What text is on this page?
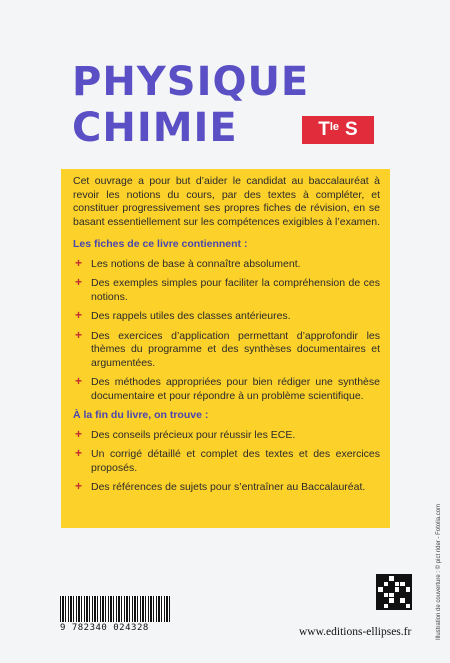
PHYSIQUE
CHIMIE	$T^{le}$ S

Cet ouvrage a pour but d’aider le candidat au baccalauréat à revoir les notions du cours, par des textes à compléter, et constituer progressivement ses propres fiches de révision, en se basant essentiellement sur les compétences exigibles à l’examen.

Les fiches de ce livre contiennent :
+ Les notions de base à connaître absolument.
+ Des exemples simples pour faciliter la compréhension de ces notions.
+ Des rappels utiles des classes antérieures.
+ Des exercices d’application permettant d’approfondir les thèmes du programme et des synthèses documentaires et argumentées.
+ Des méthodes appropriées pour bien rédiger une synthèse documentaire et pour répondre à un problème scientifique.
À la fin du livre, on trouve :
+ Des conseils précieux pour réussir les ECE.
+ Un corrigé détaillé et complet des textes et des exercices proposés.
+ Des références de sujets pour s’entraîner au Baccalauréat.
Illustration de couverture : © pict rider - Fotolia.com
9 782340 024328	www.editions-ellipses.fr
